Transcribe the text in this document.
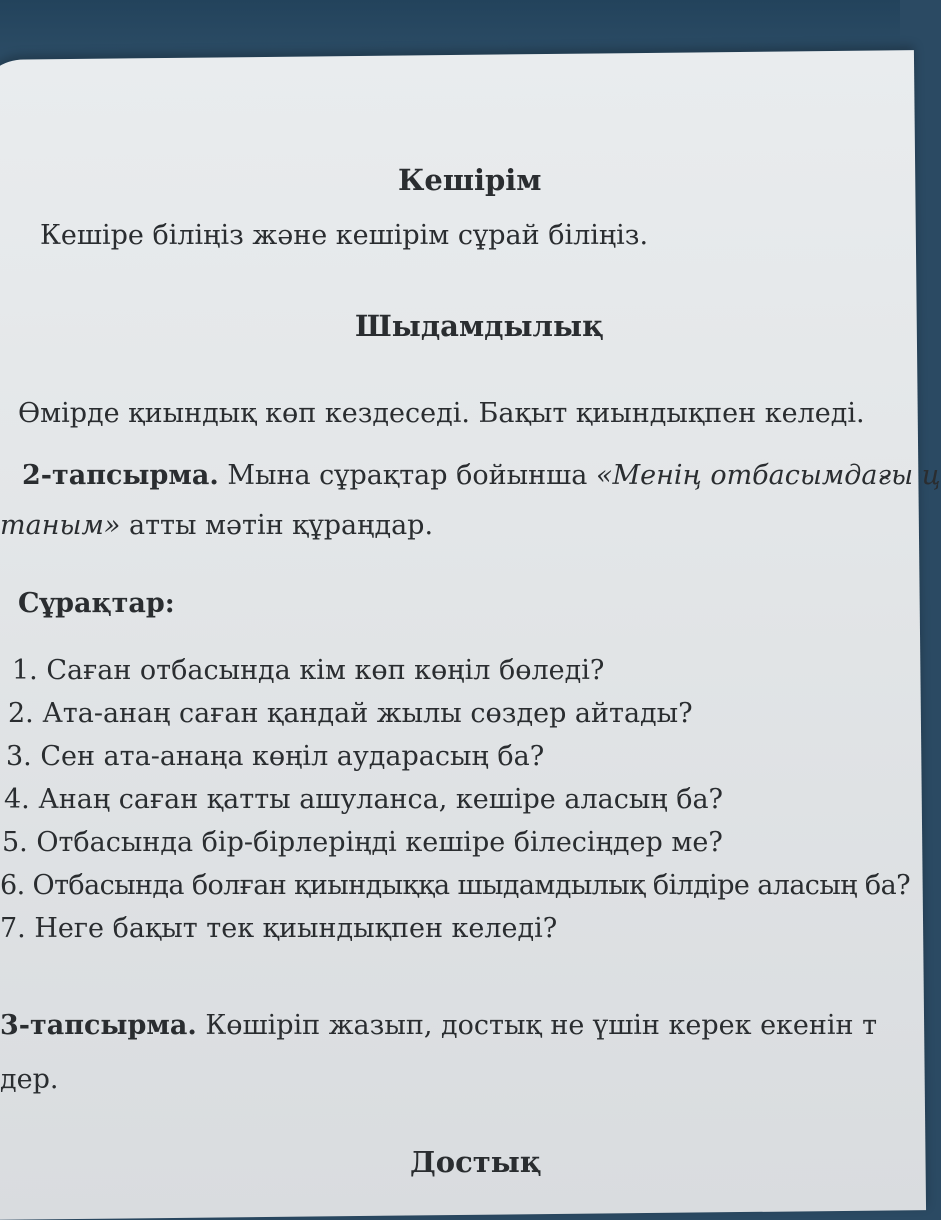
Кешірім
Кешіре біліңіз және кешірім сұрай біліңіз.
Шыдамдылық
Өмірде қиындық көп кездеседі. Бақыт қиындықпен келеді.
2-тапсырма. Мына сұрақтар бойынша «Менің отбасымдағы ц
таным» атты мәтін құраңдар.
Сұрақтар:
1. Саған отбасында кім көп көңіл бөледі?
2. Ата-анаң саған қандай жылы сөздер айтады?
3. Сен ата-анаңа көңіл аударасың ба?
4. Анаң саған қатты ашуланса, кешіре аласың ба?
5. Отбасында бір-бірлеріңді кешіре білесіңдер ме?
6. Отбасында болған қиындыққа шыдамдылық білдіре аласың ба?
7. Неге бақыт тек қиындықпен келеді?
3-тапсырма. Көшіріп жазып, достық не үшін керек екенін т
дер.
Достық
